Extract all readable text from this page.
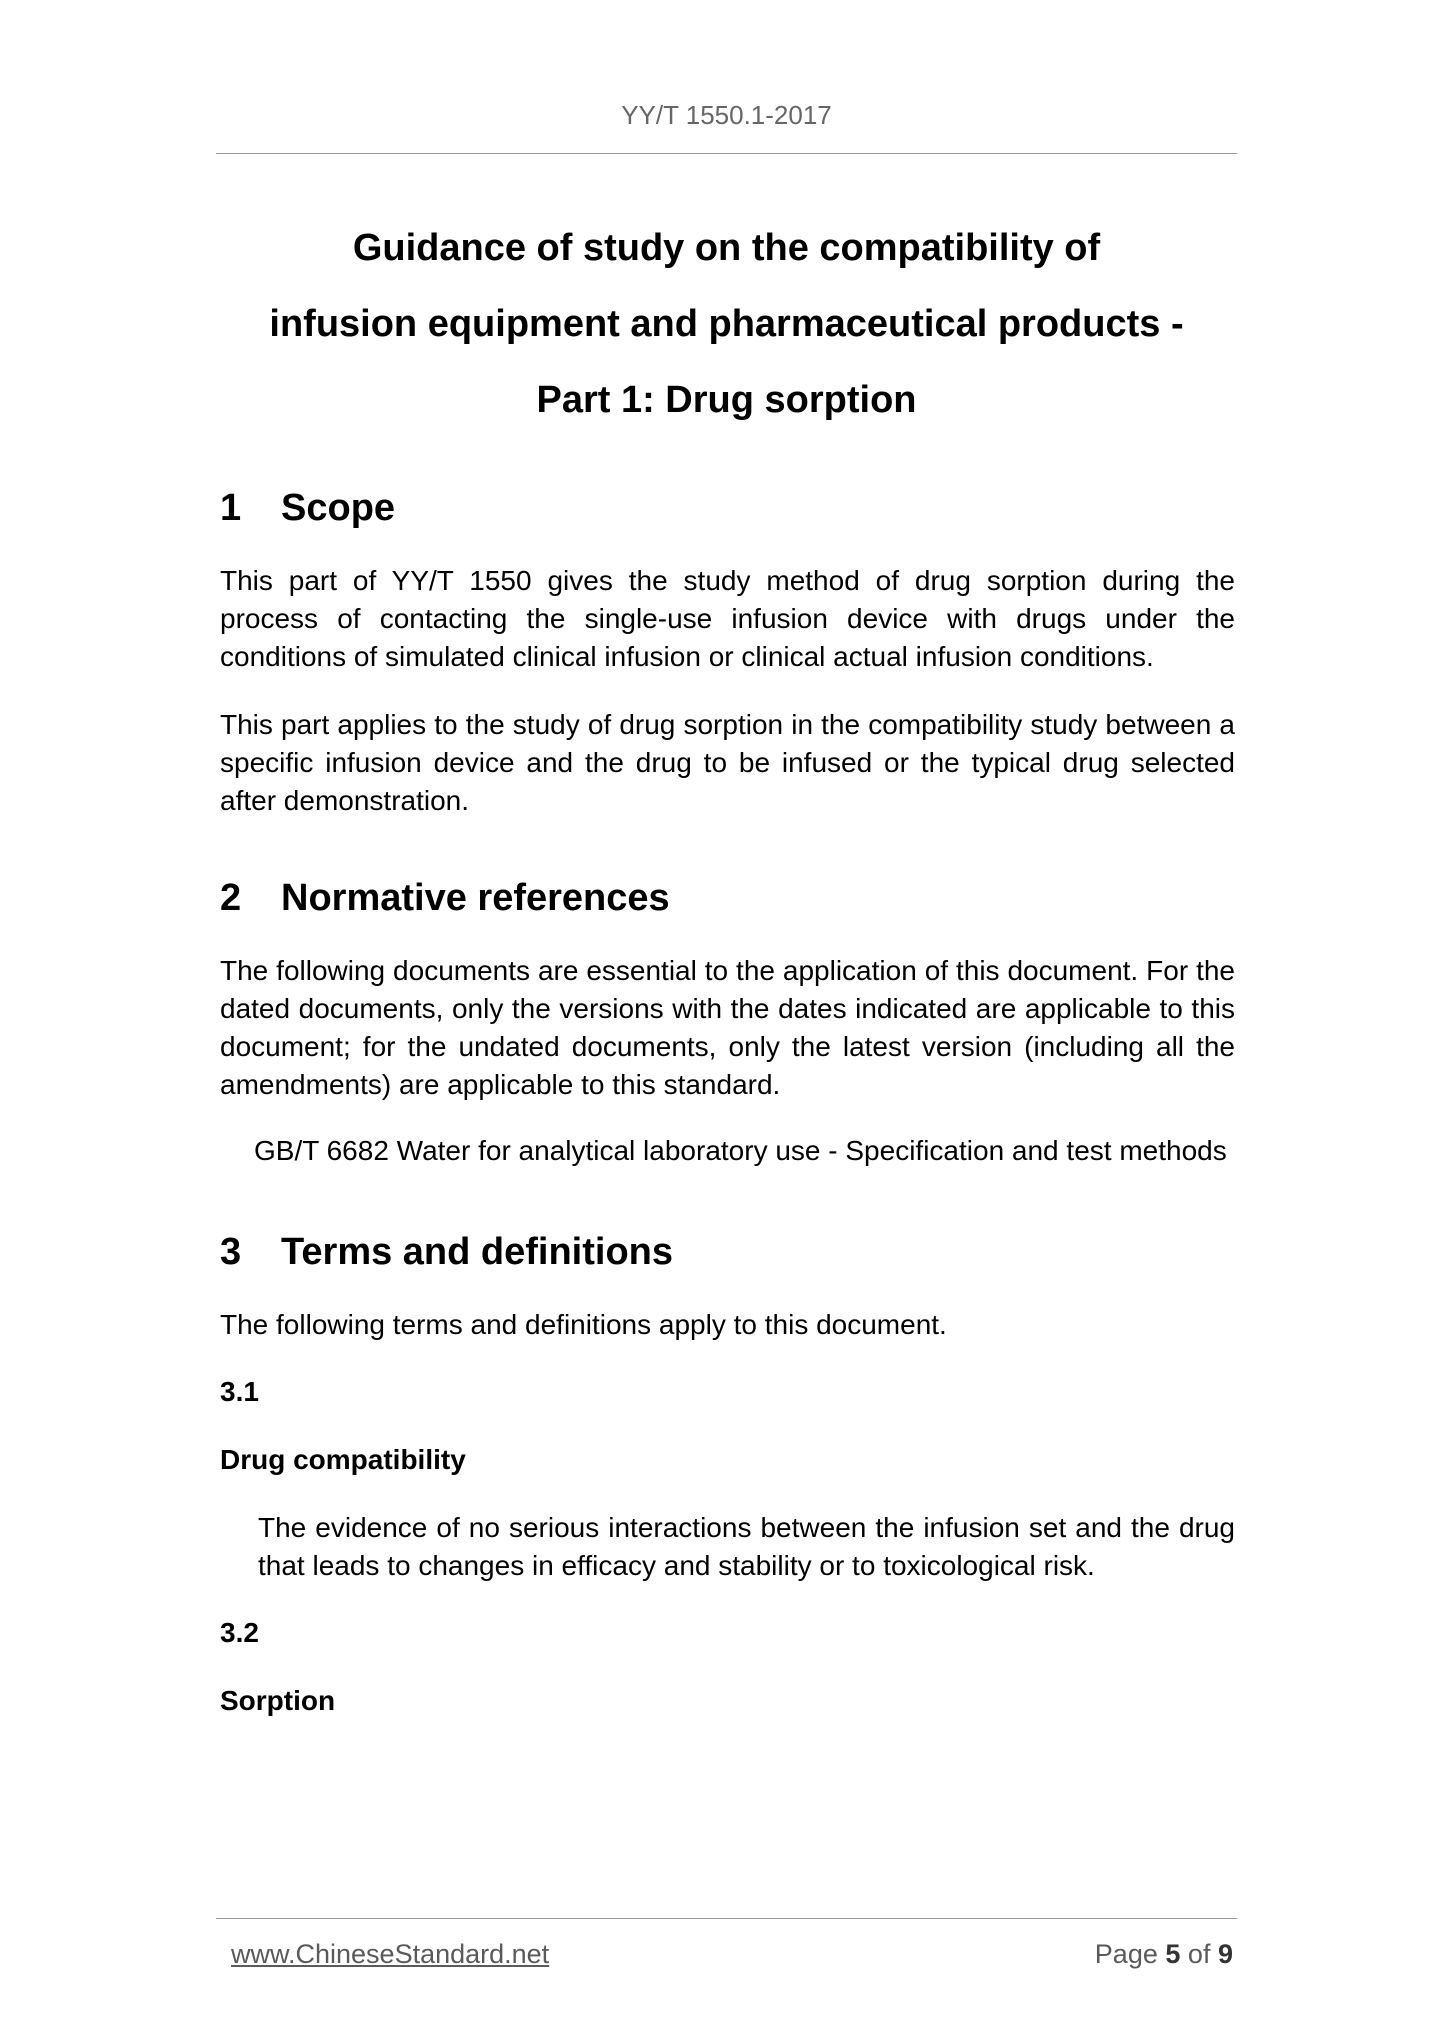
YY/T 1550.1-2017
Guidance of study on the compatibility of
infusion equipment and pharmaceutical products -
Part 1: Drug sorption
1 Scope

This part of YY/T 1550 gives the study method of drug sorption during the process of contacting the single-use infusion device with drugs under the conditions of simulated clinical infusion or clinical actual infusion conditions.

This part applies to the study of drug sorption in the compatibility study between a specific infusion device and the drug to be infused or the typical drug selected after demonstration.

2 Normative references

The following documents are essential to the application of this document. For the dated documents, only the versions with the dates indicated are applicable to this document; for the undated documents, only the latest version (including all the amendments) are applicable to this standard.

GB/T 6682 Water for analytical laboratory use - Specification and test methods

3 Terms and definitions

The following terms and definitions apply to this document.

3.1

Drug compatibility

The evidence of no serious interactions between the infusion set and the drug that leads to changes in efficacy and stability or to toxicological risk.

3.2

Sorption

www.ChineseStandard.net	Page 5 of 9
